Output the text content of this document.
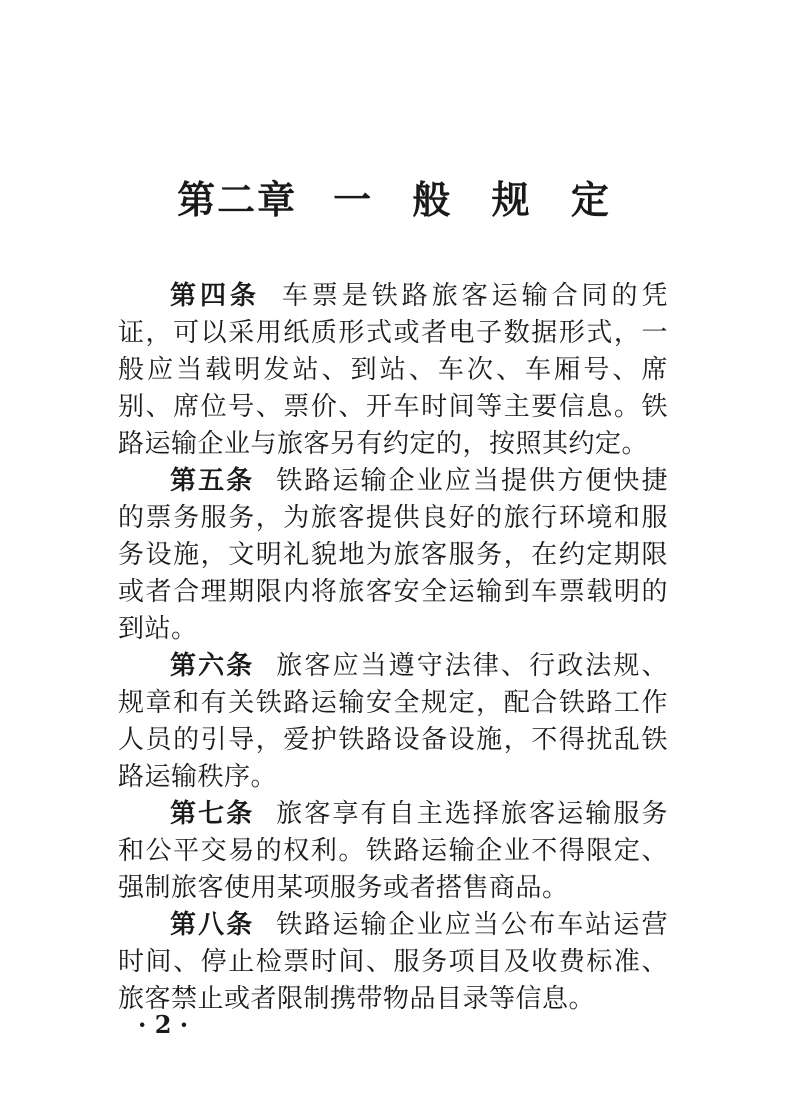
第二章 一 般 规 定

第四条 车票是铁路旅客运输合同的凭证，可以采用纸质形式或者电子数据形式，一般应当载明发站、到站、车次、车厢号、席别、席位号、票价、开车时间等主要信息。铁路运输企业与旅客另有约定的，按照其约定。

第五条 铁路运输企业应当提供方便快捷的票务服务，为旅客提供良好的旅行环境和服务设施，文明礼貌地为旅客服务，在约定期限或者合理期限内将旅客安全运输到车票载明的到站。

第六条 旅客应当遵守法律、行政法规、规章和有关铁路运输安全规定，配合铁路工作人员的引导，爱护铁路设备设施，不得扰乱铁路运输秩序。

第七条 旅客享有自主选择旅客运输服务和公平交易的权利。铁路运输企业不得限定、强制旅客使用某项服务或者搭售商品。

第八条 铁路运输企业应当公布车站运营时间、停止检票时间、服务项目及收费标准、旅客禁止或者限制携带物品目录等信息。

· 2 ·
